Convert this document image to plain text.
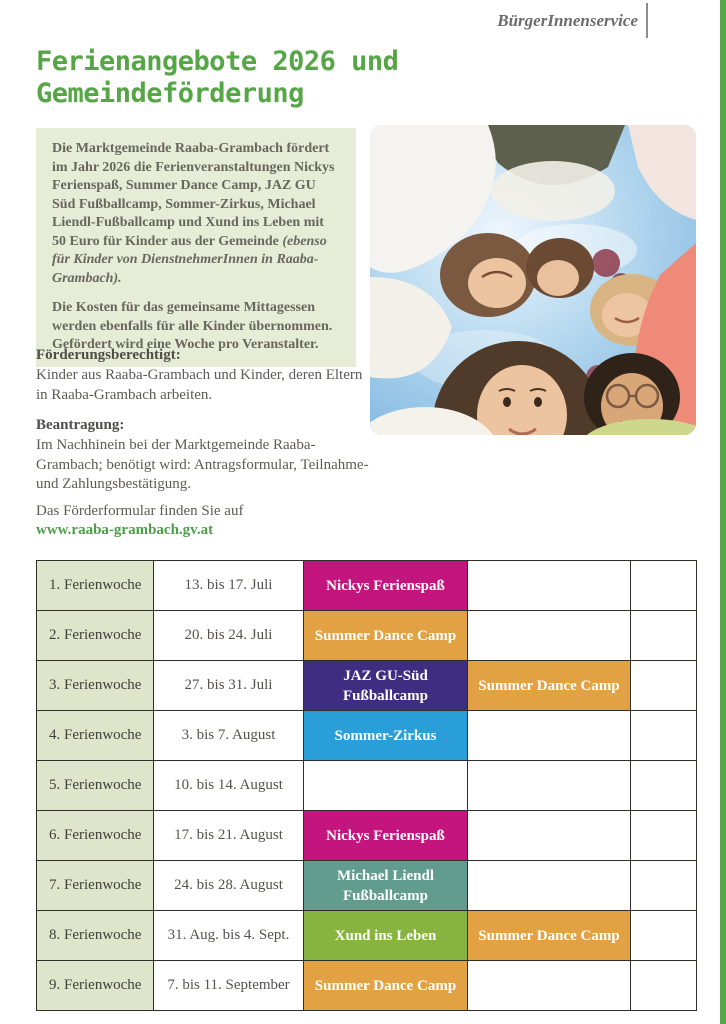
BürgerInnenservice
Ferienangebote 2026 und
Gemeindeförderung

Die Marktgemeinde Raaba-Grambach fördert im Jahr 2026 die Ferienveranstaltungen Nickys Ferienspaß, Summer Dance Camp, JAZ GU Süd Fußballcamp, Sommer-Zirkus, Michael Liendl-Fußballcamp und Xund ins Leben mit 50 Euro für Kinder aus der Gemeinde (ebenso für Kinder von DienstnehmerInnen in Raaba-Grambach).

Die Kosten für das gemeinsame Mittagessen werden ebenfalls für alle Kinder übernommen. Gefördert wird eine Woche pro Veranstalter.

Förderungsberechtigt:
Kinder aus Raaba-Grambach und Kinder, deren Eltern in Raaba-Grambach arbeiten.
Beantragung:
Im Nachhinein bei der Marktgemeinde Raaba-Grambach; benötigt wird: Antragsformular, Teilnahme- und Zahlungsbestätigung.
Das Förderformular finden Sie auf
www.raaba-grambach.gv.at
1. Ferienwoche	13. bis 17. Juli	Nickys Ferienspaß		
2. Ferienwoche	20. bis 24. Juli	Summer Dance Camp		
3. Ferienwoche	27. bis 31. Juli	JAZ GU-Süd
Fußballcamp	Summer Dance Camp	
4. Ferienwoche	3. bis 7. August	Sommer-Zirkus		
5. Ferienwoche	10. bis 14. August			
6. Ferienwoche	17. bis 21. August	Nickys Ferienspaß		
7. Ferienwoche	24. bis 28. August	Michael Liendl
Fußballcamp		
8. Ferienwoche	31. Aug. bis 4. Sept.	Xund ins Leben	Summer Dance Camp	
9. Ferienwoche	7. bis 11. September	Summer Dance Camp		
